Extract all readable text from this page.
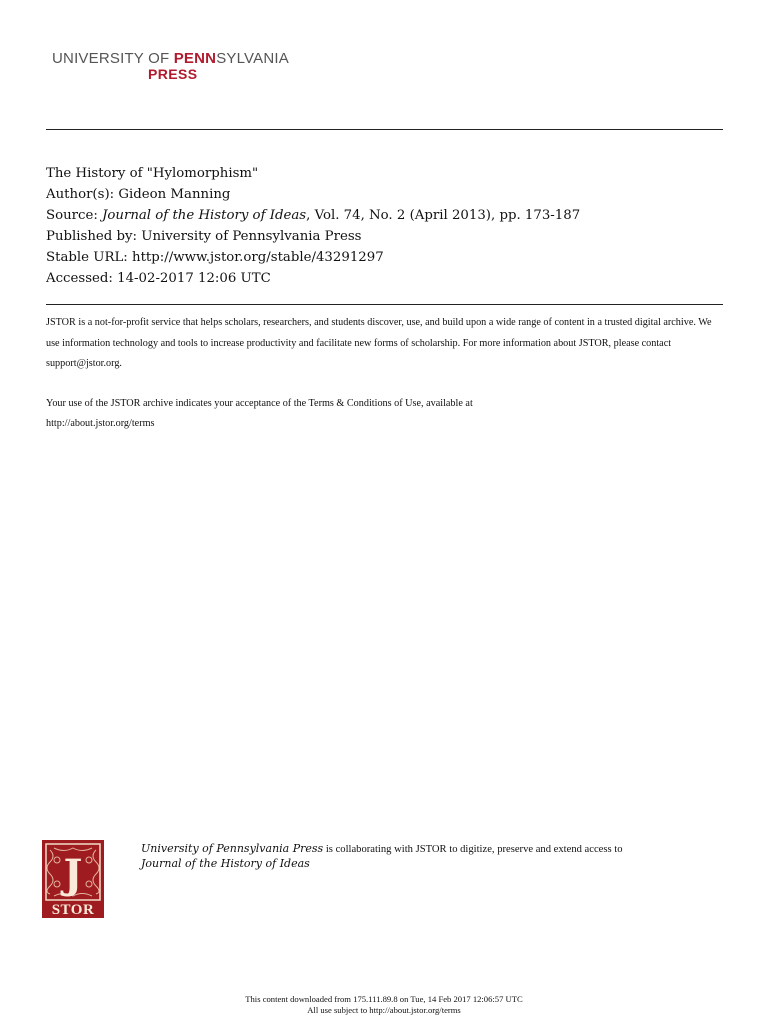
UNIVERSITY OF PENNSYLVANIA
PRESS
The History of "Hylomorphism"
Author(s): Gideon Manning
Source: Journal of the History of Ideas, Vol. 74, No. 2 (April 2013), pp. 173-187
Published by: University of Pennsylvania Press
Stable URL: http://www.jstor.org/stable/43291297
Accessed: 14-02-2017 12:06 UTC

JSTOR is a not-for-profit service that helps scholars, researchers, and students discover, use, and build upon a wide range of content in a trusted digital archive. We use information technology and tools to increase productivity and facilitate new forms of scholarship. For more information about JSTOR, please contact support@jstor.org.

Your use of the JSTOR archive indicates your acceptance of the Terms & Conditions of Use, available at
http://about.jstor.org/terms

J
STOR
University of Pennsylvania Press is collaborating with JSTOR to digitize, preserve and extend access to
Journal of the History of Ideas
This content downloaded from 175.111.89.8 on Tue, 14 Feb 2017 12:06:57 UTC
All use subject to http://about.jstor.org/terms
